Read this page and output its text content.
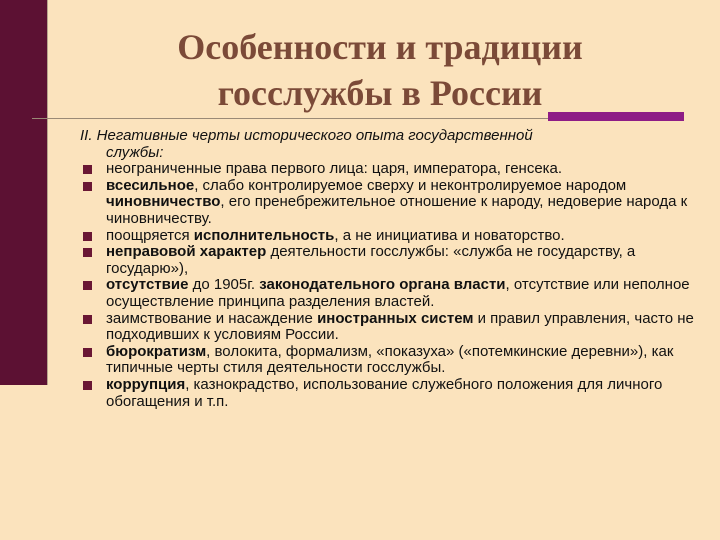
Особенности и традиции
госслужбы в России
II. Негативные черты исторического опыта государственной
службы:
неограниченные права первого лица: царя, императора, генсека.
всесильное, слабо контролируемое сверху и неконтролируемое народом чиновничество, его пренебрежительное отношение к народу, недоверие народа к чиновничеству.
поощряется исполнительность, а не инициатива и новаторство.
неправовой характер деятельности госслужбы: «служба не государству, а государю»),
отсутствие до 1905г. законодательного органа власти, отсутствие или неполное осуществление принципа разделения властей.
заимствование и насаждение иностранных систем и правил управления, часто не подходивших к условиям России.
бюрократизм, волокита, формализм, «показуха» («потемкинские деревни»), как типичные черты стиля деятельности госслужбы.
коррупция, казнокрадство, использование служебного положения для личного обогащения и т.п.
